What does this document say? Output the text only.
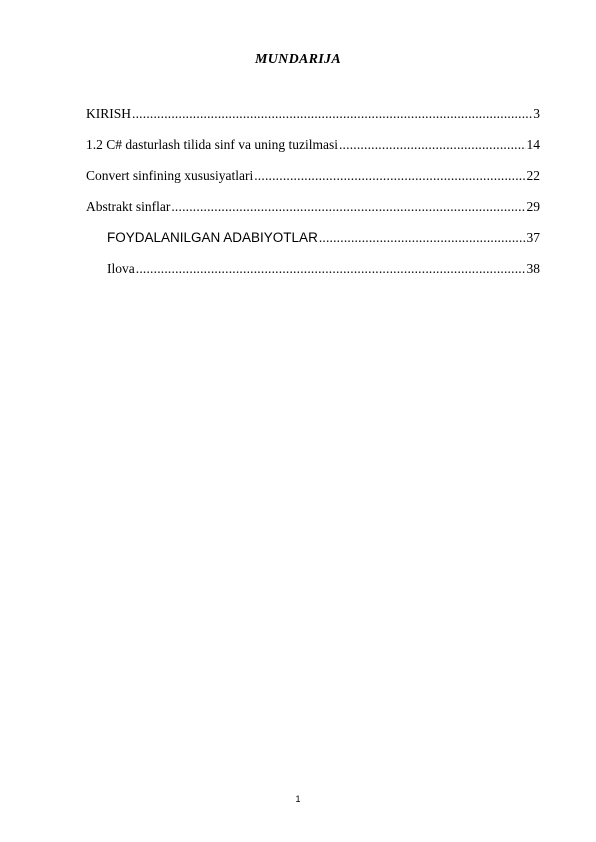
MUNDARIJA
KIRISH .....	3
1.2 C# dasturlash tilida sinf va uning tuzilmasi .....	14
Convert sinfining xususiyatlari .....	22
Abstrakt sinflar .....	29
FOYDALANILGAN ADABIYOTLAR .....	37
Ilova .....	38
1
